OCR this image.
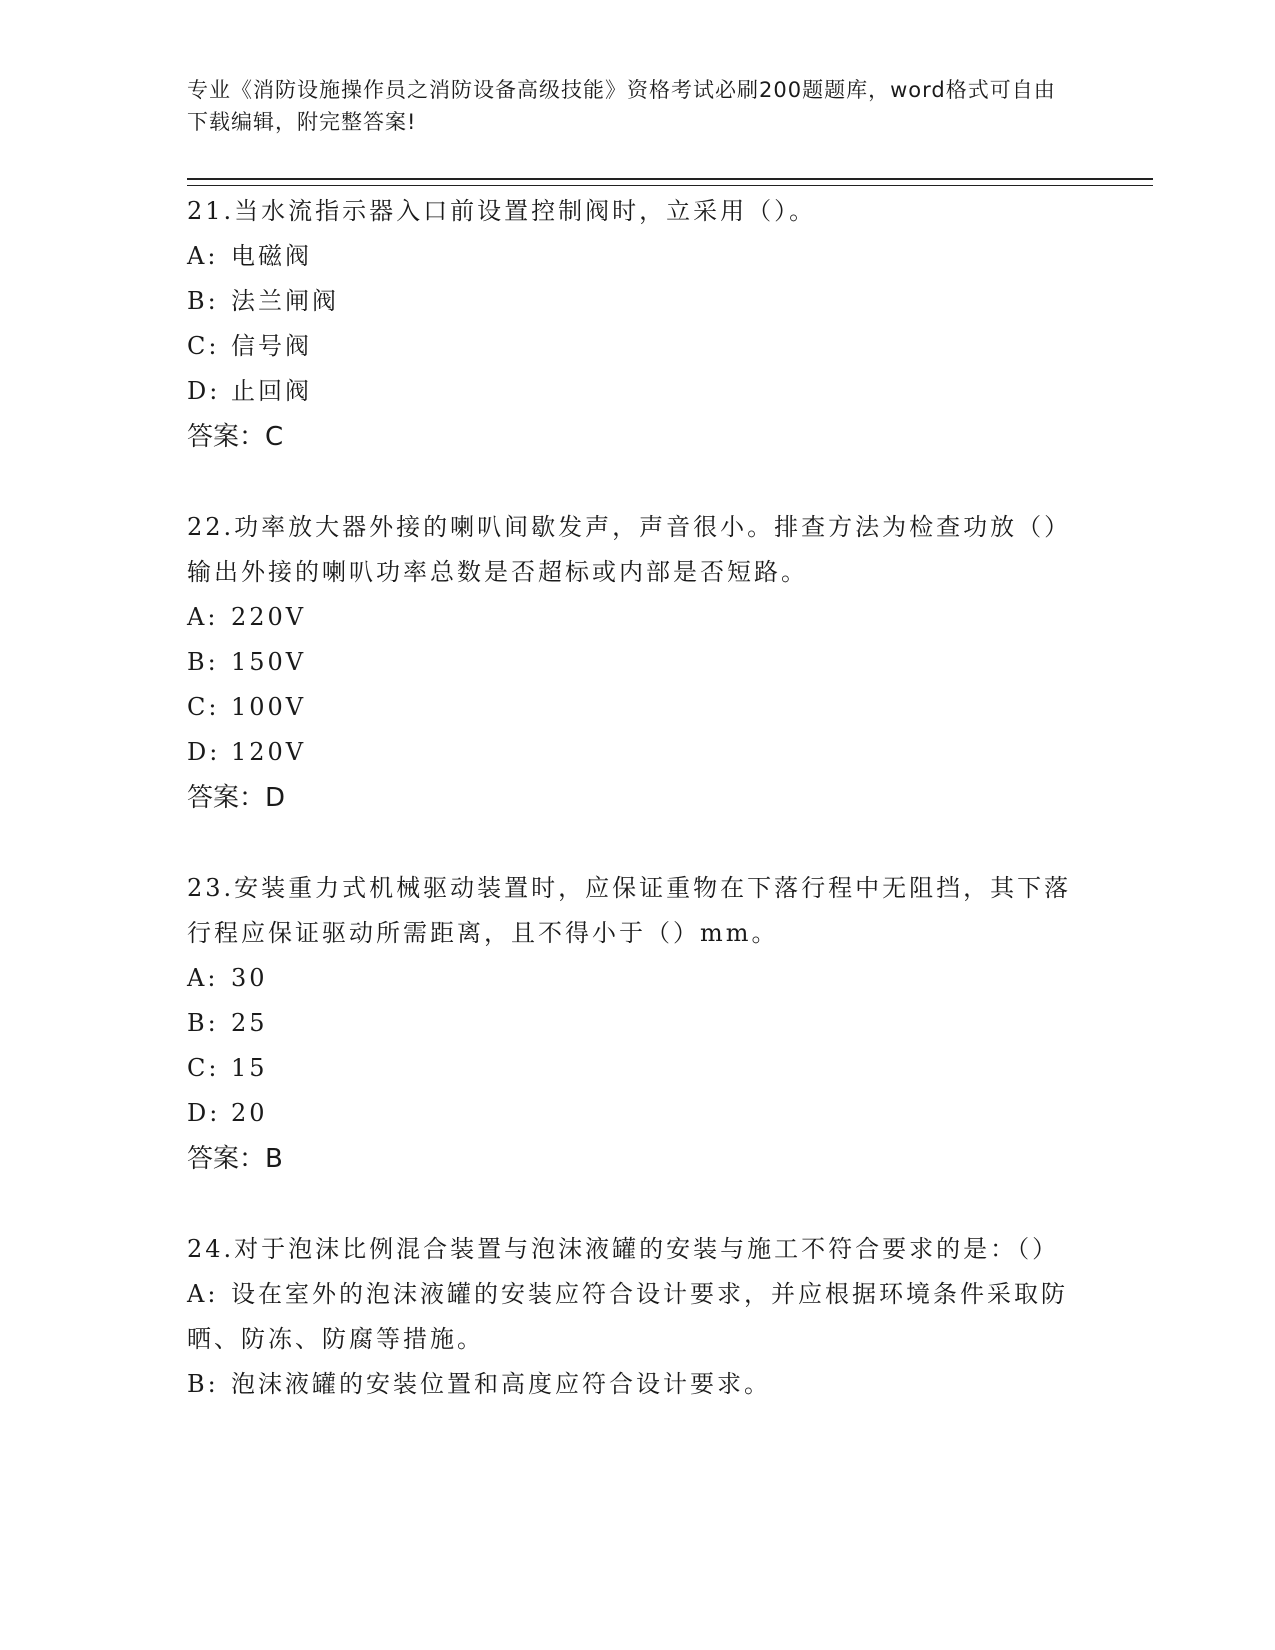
专业《消防设施操作员之消防设备高级技能》资格考试必刷200题题库，word格式可自由下载编辑，附完整答案!

21.当水流指示器入口前设置控制阀时，立采用（）。

A: 电磁阀

B: 法兰闸阀

C: 信号阀

D: 止回阀

答案：C

22.功率放大器外接的喇叭间歇发声，声音很小。排查方法为检查功放（）输出外接的喇叭功率总数是否超标或内部是否短路。

A: 220V

B: 150V

C: 100V

D: 120V

答案：D

23.安装重力式机械驱动装置时，应保证重物在下落行程中无阻挡，其下落行程应保证驱动所需距离，且不得小于（）mm。

A: 30

B: 25

C: 15

D: 20

答案：B

24.对于泡沫比例混合装置与泡沫液罐的安装与施工不符合要求的是：（）

A: 设在室外的泡沫液罐的安装应符合设计要求，并应根据环境条件采取防晒、防冻、防腐等措施。

B: 泡沫液罐的安装位置和高度应符合设计要求。
